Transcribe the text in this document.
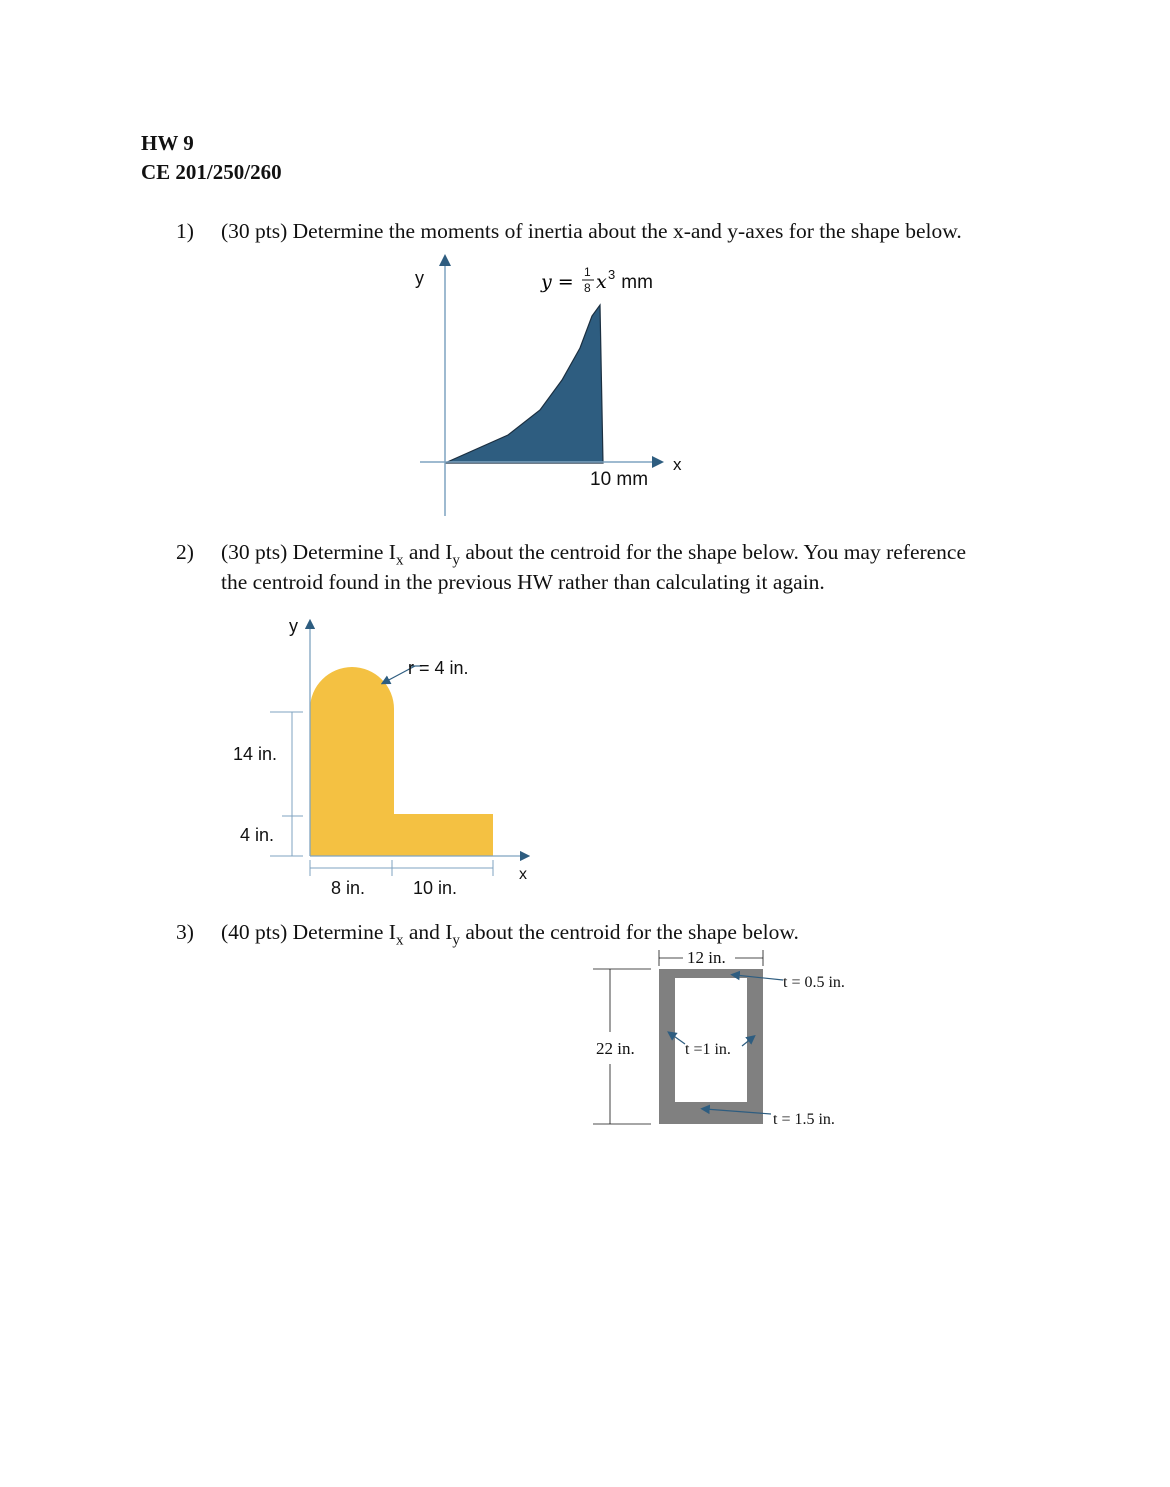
HW 9
CE 201/250/260
1) (30 pts) Determine the moments of inertia about the x-and y-axes for the shape below.
y
x
y = 1
8 x 3 mm
10 mm
2) (30 pts) Determine $I_x$ and $I_y$ about the centroid for the shape below. You may reference
the centroid found in the previous HW rather than calculating it again.
y
x
r = 4 in.
14 in.
4 in.
8 in.	10 in.
3) (40 pts) Determine $I_x$ and $I_y$ about the centroid for the shape below.
12 in.
22 in.
t = 0.5 in.
t =1 in.
t = 1.5 in.
